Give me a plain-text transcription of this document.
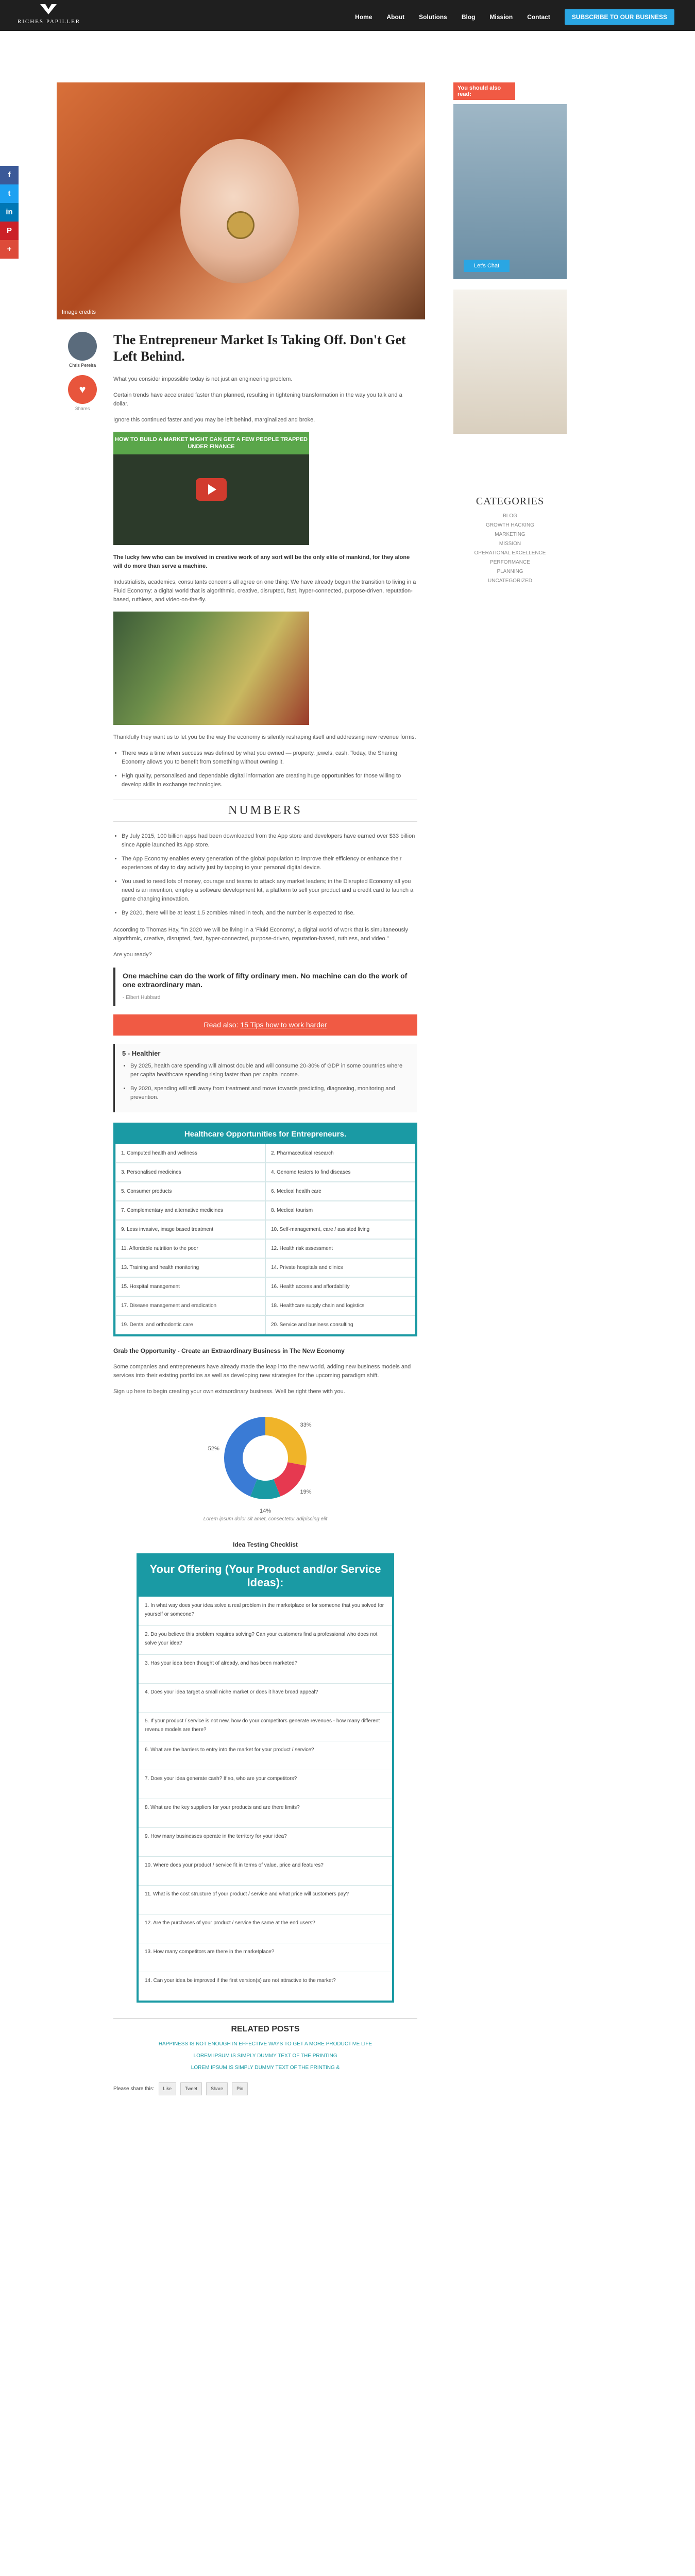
RICHES PAPILLER
Home About Solutions Blog Mission Contact	SUBSCRIBE TO OUR BUSINESS
f
t
in
P
+
Image credits
Chris Pereira
♥
Shares
The Entrepreneur Market Is Taking Off. Don't Get Left Behind.

What you consider impossible today is not just an engineering problem.

Certain trends have accelerated faster than planned, resulting in tightening transformation in the way you talk and a dollar.

Ignore this continued faster and you may be left behind, marginalized and broke.

HOW TO BUILD A MARKET MIGHT CAN GET A FEW PEOPLE TRAPPED UNDER FINANCE

The lucky few who can be involved in creative work of any sort will be the only elite of mankind, for they alone will do more than serve a machine.

Industrialists, academics, consultants concerns all agree on one thing: We have already begun the transition to living in a Fluid Economy: a digital world that is algorithmic, creative, disrupted, fast, hyper-connected, purpose-driven, reputation-based, ruthless, and video-on-the-fly.

Thankfully they want us to let you be the way the economy is silently reshaping itself and addressing new revenue forms.

• There was a time when success was defined by what you owned — property, jewels, cash. Today, the Sharing Economy allows you to benefit from something without owning it.
• High quality, personalised and dependable digital information are creating huge opportunities for those willing to develop skills in exchange technologies.
NUMBERS
• By July 2015, 100 billion apps had been downloaded from the App store and developers have earned over $33 billion since Apple launched its App store.
• The App Economy enables every generation of the global population to improve their efficiency or enhance their experiences of day to day activity just by tapping to your personal digital device.
• You used to need lots of money, courage and teams to attack any market leaders; in the Disrupted Economy all you need is an invention, employ a software development kit, a platform to sell your product and a credit card to launch a game changing innovation.
• By 2020, there will be at least 1.5 zombies mined in tech, and the number is expected to rise.

According to Thomas Hay, "In 2020 we will be living in a 'Fluid Economy', a digital world of work that is simultaneously algorithmic, creative, disrupted, fast, hyper-connected, purpose-driven, reputation-based, ruthless, and video."

Are you ready?

One machine can do the work of fifty ordinary men. No machine can do the work of one extraordinary man.
- Elbert Hubbard
Read also: 15 Tips how to work harder
5 - Healthier
• By 2025, health care spending will almost double and will consume 20-30% of GDP in some countries where per capita healthcare spending rising faster than per capita income.
• By 2020, spending will still away from treatment and move towards predicting, diagnosing, monitoring and prevention.
Healthcare Opportunities for Entrepreneurs.
1. Computed health and wellness	2. Pharmaceutical research
3. Personalised medicines	4. Genome testers to find diseases
5. Consumer products	6. Medical health care
7. Complementary and alternative medicines	8. Medical tourism
9. Less invasive, image based treatment	10. Self-management, care / assisted living
11. Affordable nutrition to the poor	12. Health risk assessment
13. Training and health monitoring	14. Private hospitals and clinics
15. Hospital management	16. Health access and affordability
17. Disease management and eradication	18. Healthcare supply chain and logistics
19. Dental and orthodontic care	20. Service and business consulting

Grab the Opportunity - Create an Extraordinary Business in The New Economy

Some companies and entrepreneurs have already made the leap into the new world, adding new business models and services into their existing portfolios as well as developing new strategies for the upcoming paradigm shift.

Sign up here to begin creating your own extraordinary business. Well be right there with you.

33%
19%
14%
52%
Lorem ipsum dolor sit amet, consectetur adipiscing elit
Idea Testing Checklist
Your Offering (Your Product and/or Service Ideas):
1. In what way does your idea solve a real problem in the marketplace or for someone that you solved for yourself or someone?
2. Do you believe this problem requires solving? Can your customers find a professional who does not solve your idea?
3. Has your idea been thought of already, and has been marketed?
4. Does your idea target a small niche market or does it have broad appeal?
5. If your product / service is not new, how do your competitors generate revenues - how many different revenue models are there?
6. What are the barriers to entry into the market for your product / service?
7. Does your idea generate cash? If so, who are your competitors?
8. What are the key suppliers for your products and are there limits?
9. How many businesses operate in the territory for your idea?
10. Where does your product / service fit in terms of value, price and features?
11. What is the cost structure of your product / service and what price will customers pay?
12. Are the purchases of your product / service the same at the end users?
13. How many competitors are there in the marketplace?
14. Can your idea be improved if the first version(s) are not attractive to the market?
RELATED POSTS
HAPPINESS IS NOT ENOUGH IN EFFECTIVE WAYS TO GET A MORE PRODUCTIVE LIFE
LOREM IPSUM IS SIMPLY DUMMY TEXT OF THE PRINTING
LOREM IPSUM IS SIMPLY DUMMY TEXT OF THE PRINTING &
Please share this:	Like	Tweet	Share	Pin
You should also read:
Let's Chat
CATEGORIES
BLOG
GROWTH HACKING
MARKETING
MISSION
OPERATIONAL EXCELLENCE
PERFORMANCE
PLANNING
UNCATEGORIZED
